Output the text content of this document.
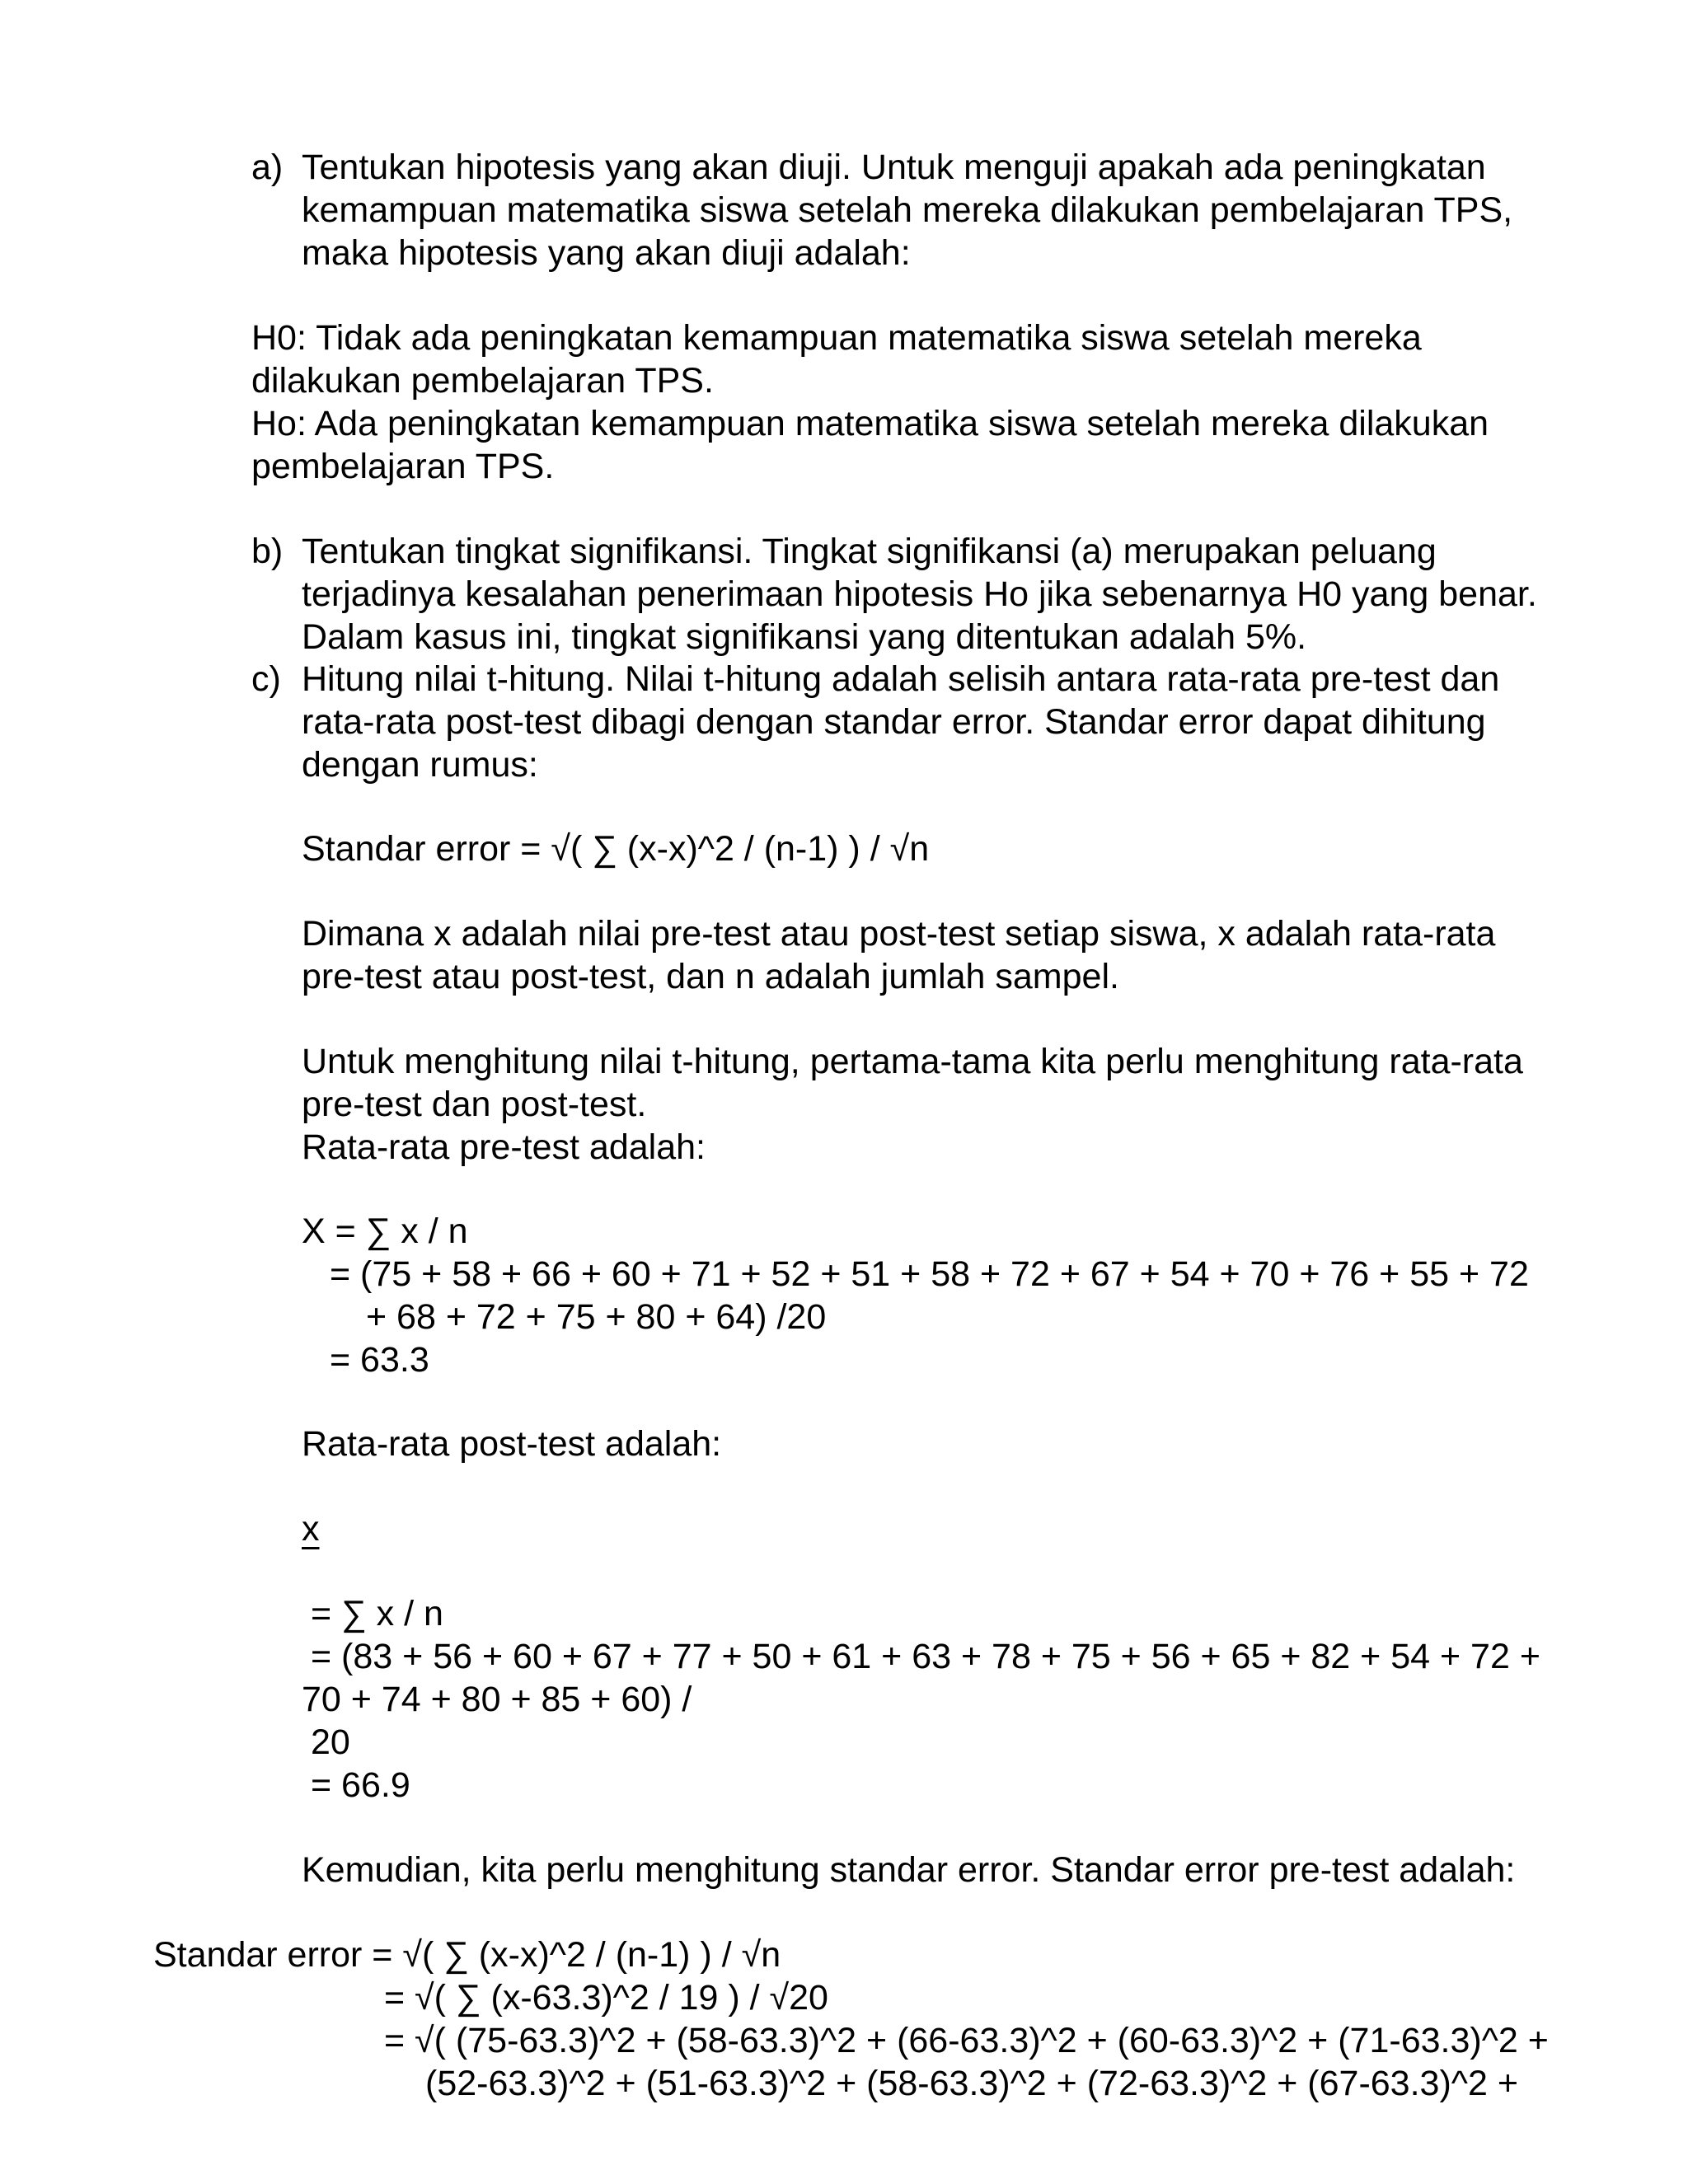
a) Tentukan hipotesis yang akan diuji. Untuk menguji apakah ada peningkatan
kemampuan matematika siswa setelah mereka dilakukan pembelajaran TPS,
maka hipotesis yang akan diuji adalah:
H0: Tidak ada peningkatan kemampuan matematika siswa setelah mereka
dilakukan pembelajaran TPS.
Ho: Ada peningkatan kemampuan matematika siswa setelah mereka dilakukan
pembelajaran TPS.
b) Tentukan tingkat signifikansi. Tingkat signifikansi (a) merupakan peluang
terjadinya kesalahan penerimaan hipotesis Ho jika sebenarnya H0 yang benar.
Dalam kasus ini, tingkat signifikansi yang ditentukan adalah 5%.
c) Hitung nilai t-hitung. Nilai t-hitung adalah selisih antara rata-rata pre-test dan
rata-rata post-test dibagi dengan standar error. Standar error dapat dihitung
dengan rumus:
Standar error = √( ∑ (x-x)^2 / (n-1) ) / √n
Dimana x adalah nilai pre-test atau post-test setiap siswa, x adalah rata-rata
pre-test atau post-test, dan n adalah jumlah sampel.
Untuk menghitung nilai t-hitung, pertama-tama kita perlu menghitung rata-rata
pre-test dan post-test.
Rata-rata pre-test adalah:
X = ∑ x / n
= (75 + 58 + 66 + 60 + 71 + 52 + 51 + 58 + 72 + 67 + 54 + 70 + 76 + 55 + 72
+ 68 + 72 + 75 + 80 + 64) /20
= 63.3
Rata-rata post-test adalah:
x
= ∑ x / n
= (83 + 56 + 60 + 67 + 77 + 50 + 61 + 63 + 78 + 75 + 56 + 65 + 82 + 54 + 72 +
70 + 74 + 80 + 85 + 60) /
20
= 66.9
Kemudian, kita perlu menghitung standar error. Standar error pre-test adalah:
Standar error = √( ∑ (x-x)^2 / (n-1) ) / √n
= √( ∑ (x-63.3)^2 / 19 ) / √20
= √( (75-63.3)^2 + (58-63.3)^2 + (66-63.3)^2 + (60-63.3)^2 + (71-63.3)^2 +
(52-63.3)^2 + (51-63.3)^2 + (58-63.3)^2 + (72-63.3)^2 + (67-63.3)^2 +
